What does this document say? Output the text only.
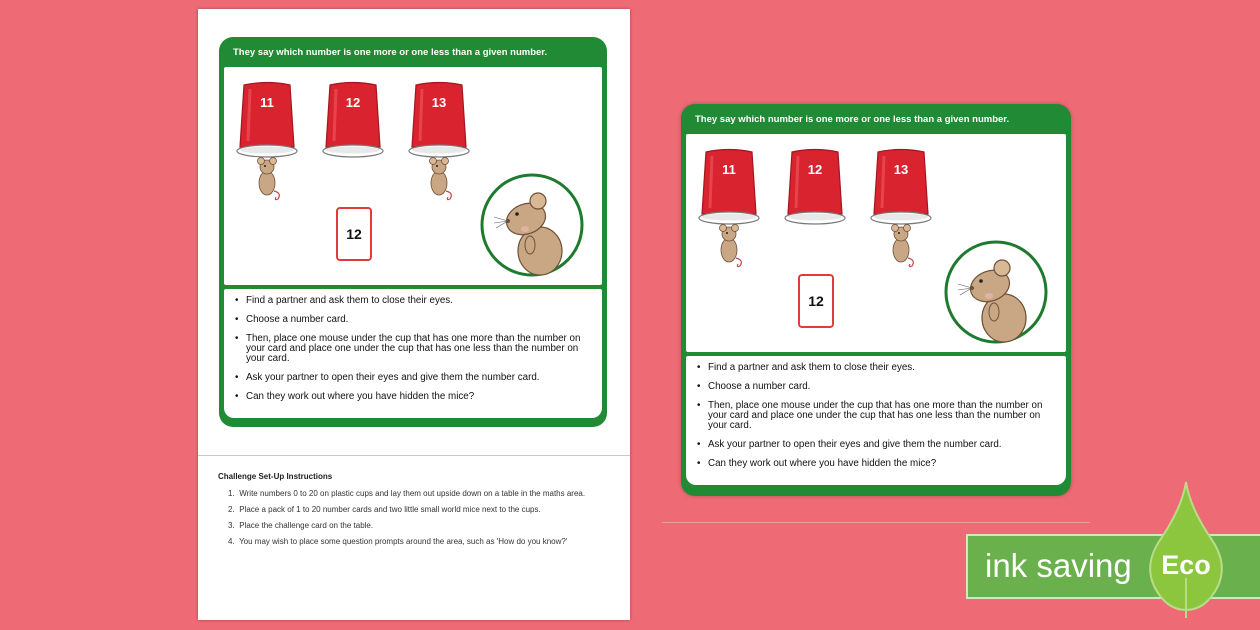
They say which number is one more or one less than a given number.
11	12	13
12
• Find a partner and ask them to close their eyes.
• Choose a number card.
• Then, place one mouse under the cup that has one more than the number on your card and place one under the cup that has one less than the number on your card.
• Ask your partner to open their eyes and give them the number card.
• Can they work out where you have hidden the mice?
Challenge Set-Up Instructions
1. Write numbers 0 to 20 on plastic cups and lay them out upside down on a table in the maths area.
2. Place a pack of 1 to 20 number cards and two little small world mice next to the cups.
3. Place the challenge card on the table.
4. You may wish to place some question prompts around the area, such as 'How do you know?'
They say which number is one more or one less than a given number.
11	12	13
12
• Find a partner and ask them to close their eyes.
• Choose a number card.
• Then, place one mouse under the cup that has one more than the number on your card and place one under the cup that has one less than the number on your card.
• Ask your partner to open their eyes and give them the number card.
• Can they work out where you have hidden the mice?
ink saving Eco
